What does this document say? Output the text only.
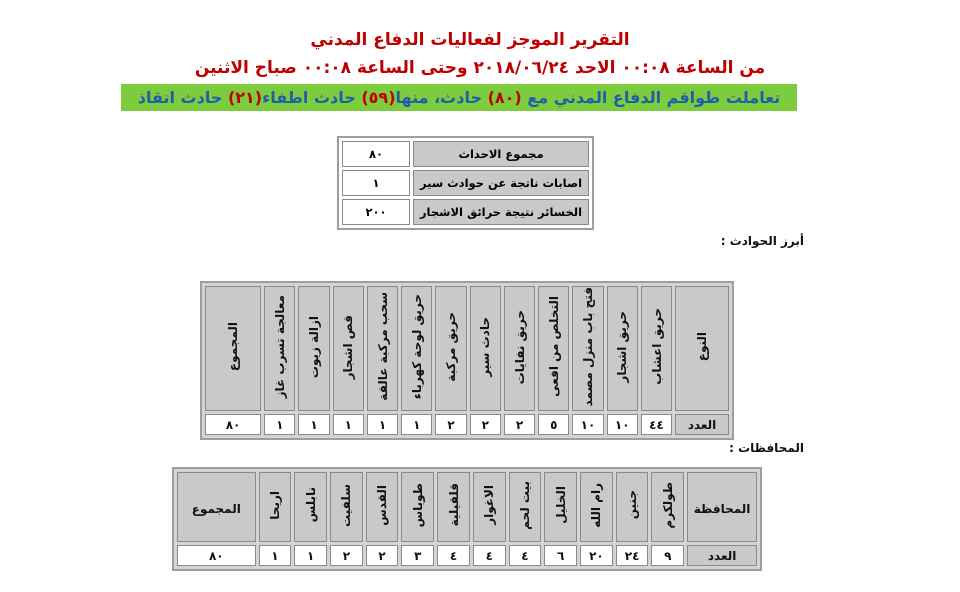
التقرير الموجز لفعاليات الدفاع المدني
من الساعة ٠٠:٠٨ الاحد ٢٠١٨/٠٦/٢٤ وحتى الساعة ٠٠:٠٨ صباح الاثنين
تعاملت طواقم الدفاع المدني مع (٨٠) حادث، منها(٥٩) حادث اطفاء(٢١) حادث انقاذ
مجموع الاحداث	٨٠
اصابات ناتجة عن حوادث سير	١
الخسائر نتيجة حرائق الاشجار	٢٠٠
أبرز الحوادث :
النوع	حريق اعشاب	حريق اشجار	فتح باب منزل مصمد	التخلص من افعى	حريق نفايات	حادث سير	حريق مركبة	حريق لوحة كهرباء	سحب مركبة عالقة	قص اشجار	ازالة زيوت	معالجة تسرب غاز	المجموع
العدد	٤٤	١٠	١٠	٥	٢	٢	٢	١	١	١	١	١	٨٠
المحافظات :
المحافظة	طولكرم	جنين	رام الله	الخليل	بيت لحم	الاغوار	قلقيلية	طوباس	القدس	سلفيت	نابلس	اريحا	المجموع
العدد	٩	٢٤	٢٠	٦	٤	٤	٤	٣	٢	٢	١	١	٨٠
